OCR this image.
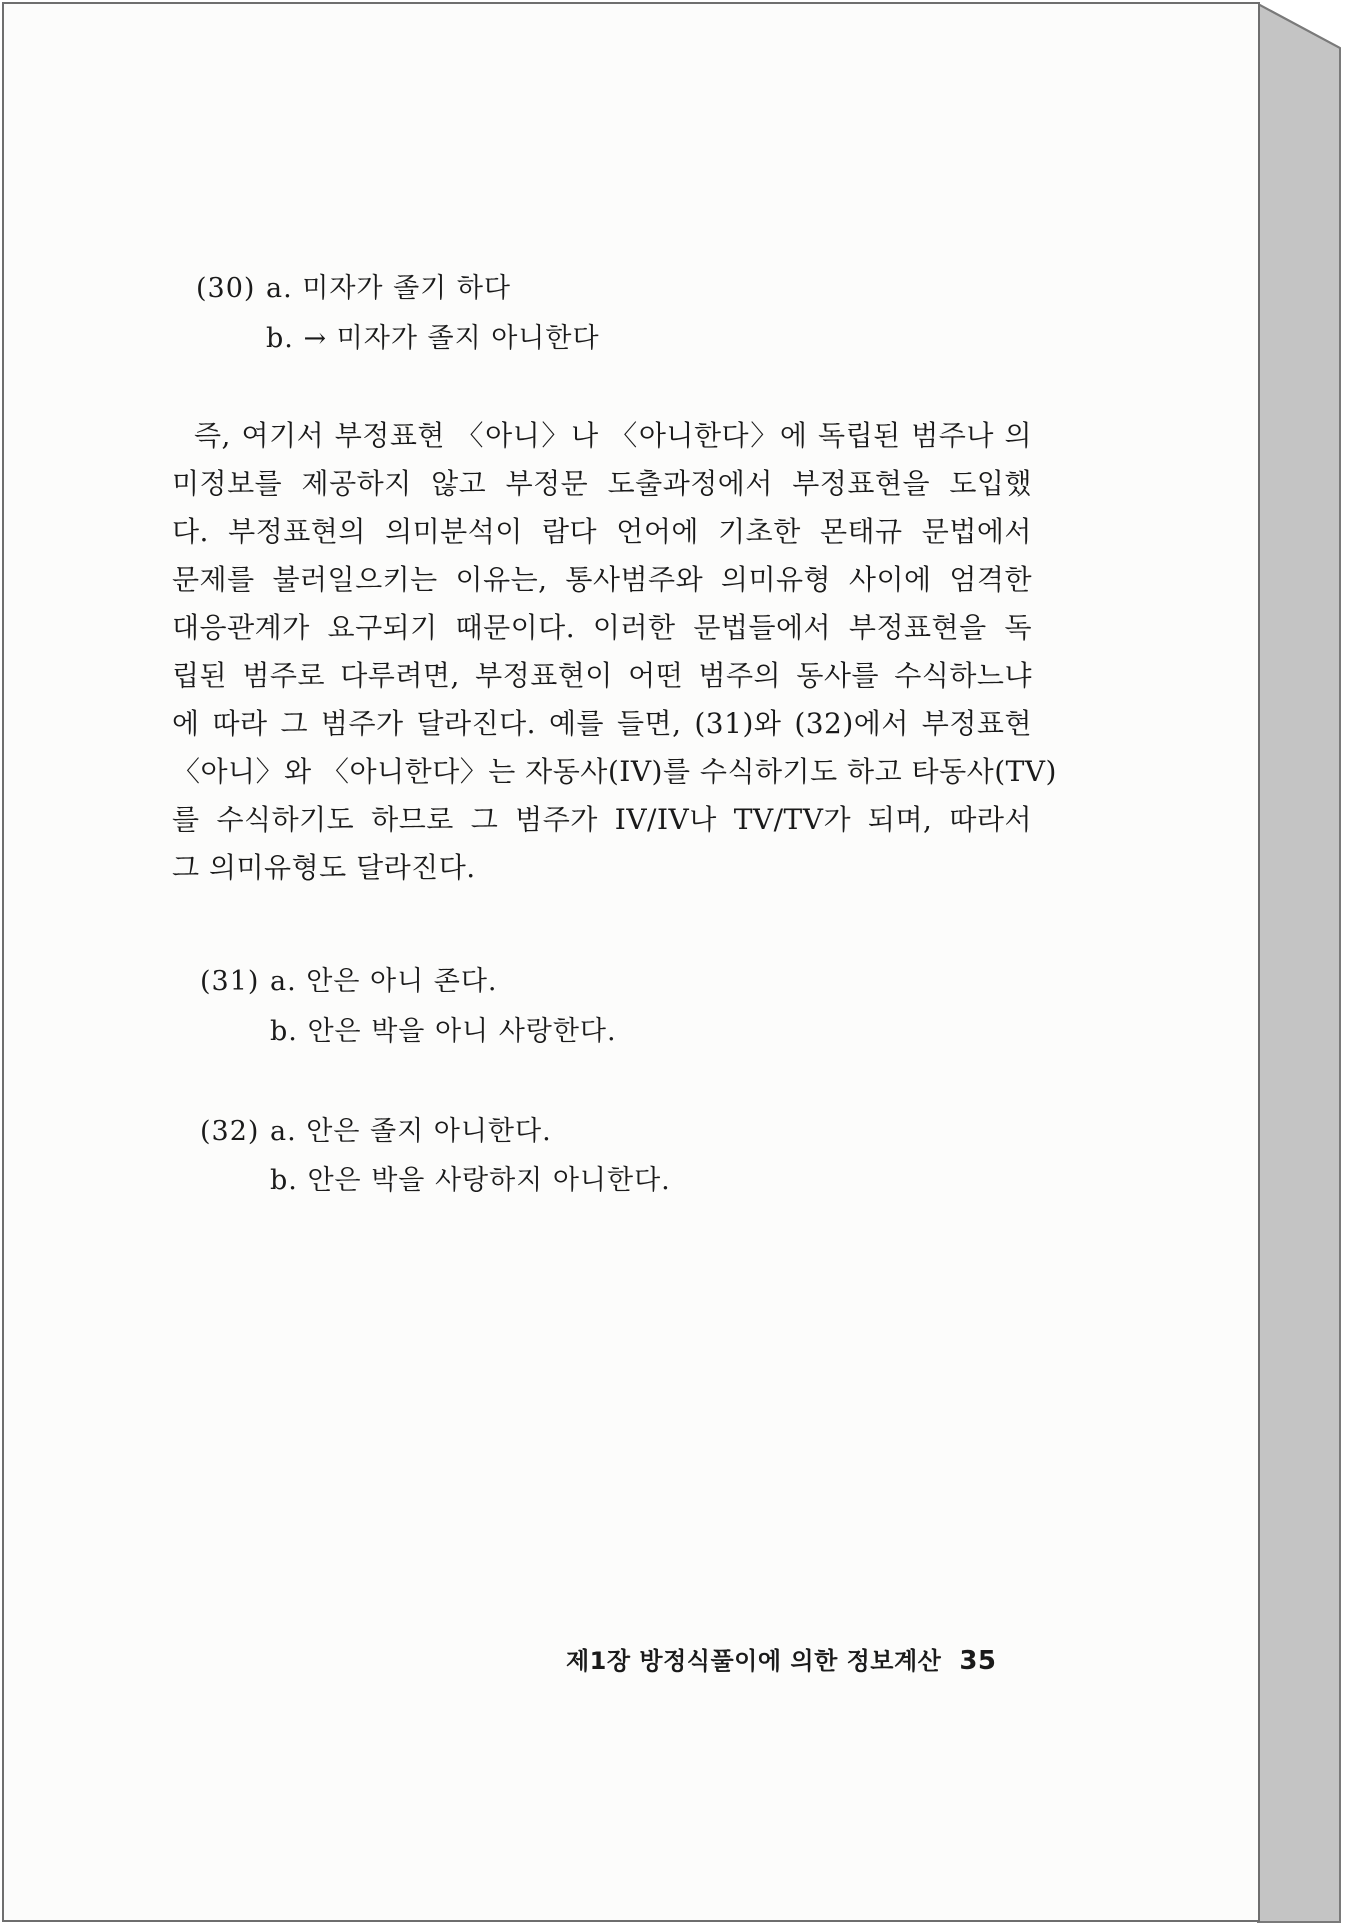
(30) a. 미자가 졸기 하다
b. → 미자가 졸지 아니한다
즉, 여기서 부정표현 〈아니〉나 〈아니한다〉에 독립된 범주나 의
미정보를 제공하지 않고 부정문 도출과정에서 부정표현을 도입했
다. 부정표현의 의미분석이 람다 언어에 기초한 몬태규 문법에서
문제를 불러일으키는 이유는, 통사범주와 의미유형 사이에 엄격한
대응관계가 요구되기 때문이다. 이러한 문법들에서 부정표현을 독
립된 범주로 다루려면, 부정표현이 어떤 범주의 동사를 수식하느냐
에 따라 그 범주가 달라진다. 예를 들면, (31)와 (32)에서 부정표현
〈아니〉와 〈아니한다〉는 자동사(IV)를 수식하기도 하고 타동사(TV)
를 수식하기도 하므로 그 범주가 IV/IV나 TV/TV가 되며, 따라서
그 의미유형도 달라진다.
(31) a. 안은 아니 존다.
b. 안은 박을 아니 사랑한다.
(32) a. 안은 졸지 아니한다.
b. 안은 박을 사랑하지 아니한다.
제1장 방정식풀이에 의한 정보계산 35
